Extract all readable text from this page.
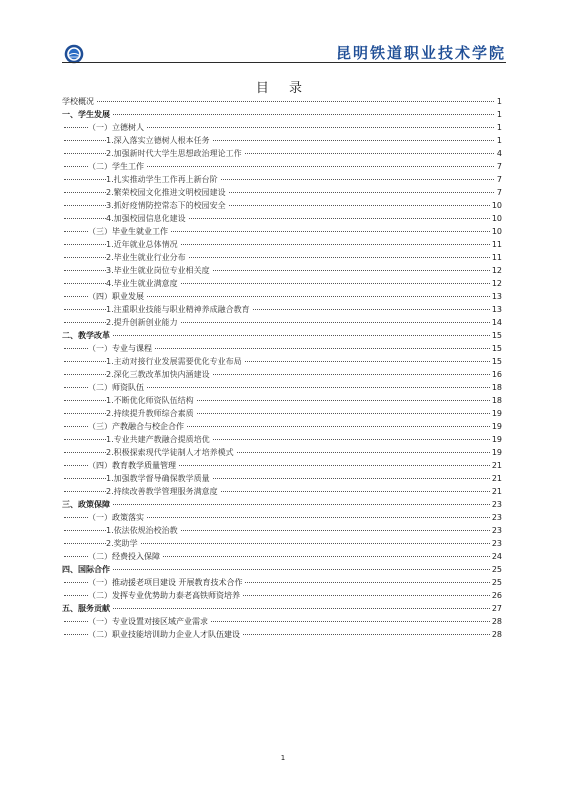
昆明铁道职业技术学院
目 录
学校概况	1
一、学生发展	1
（一）立德树人	1
1.深入落实立德树人根本任务	1
2.加强新时代大学生思想政治理论工作	4
（二）学生工作	7
1.扎实推动学生工作再上新台阶	7
2.繁荣校园文化推进文明校园建设	7
3.抓好疫情防控常态下的校园安全	10
4.加强校园信息化建设	10
（三）毕业生就业工作	10
1.近年就业总体情况	11
2.毕业生就业行业分布	11
3.毕业生就业岗位专业相关度	12
4.毕业生就业满意度	12
（四）职业发展	13
1.注重职业技能与职业精神养成融合教育	13
2.提升创新创业能力	14
二、教学改革	15
（一）专业与课程	15
1.主动对接行业发展需要优化专业布局	15
2.深化三教改革加快内涵建设	16
（二）师资队伍	18
1.不断优化师资队伍结构	18
2.持续提升教师综合素质	19
（三）产教融合与校企合作	19
1.专业共建产教融合提质培优	19
2.积极探索现代学徒制人才培养模式	19
（四）教育教学质量管理	21
1.加强教学督导确保教学质量	21
2.持续改善教学管理服务满意度	21
三、政策保障	23
（一）政策落实	23
1.依法依规治校治教	23
2.奖助学	23
（二）经费投入保障	24
四、国际合作	25
（一）推动援老项目建设 开展教育技术合作	25
（二）发挥专业优势助力泰老高铁师资培养	26
五、服务贡献	27
（一）专业设置对接区域产业需求	28
（二）职业技能培训助力企业人才队伍建设	28
1
